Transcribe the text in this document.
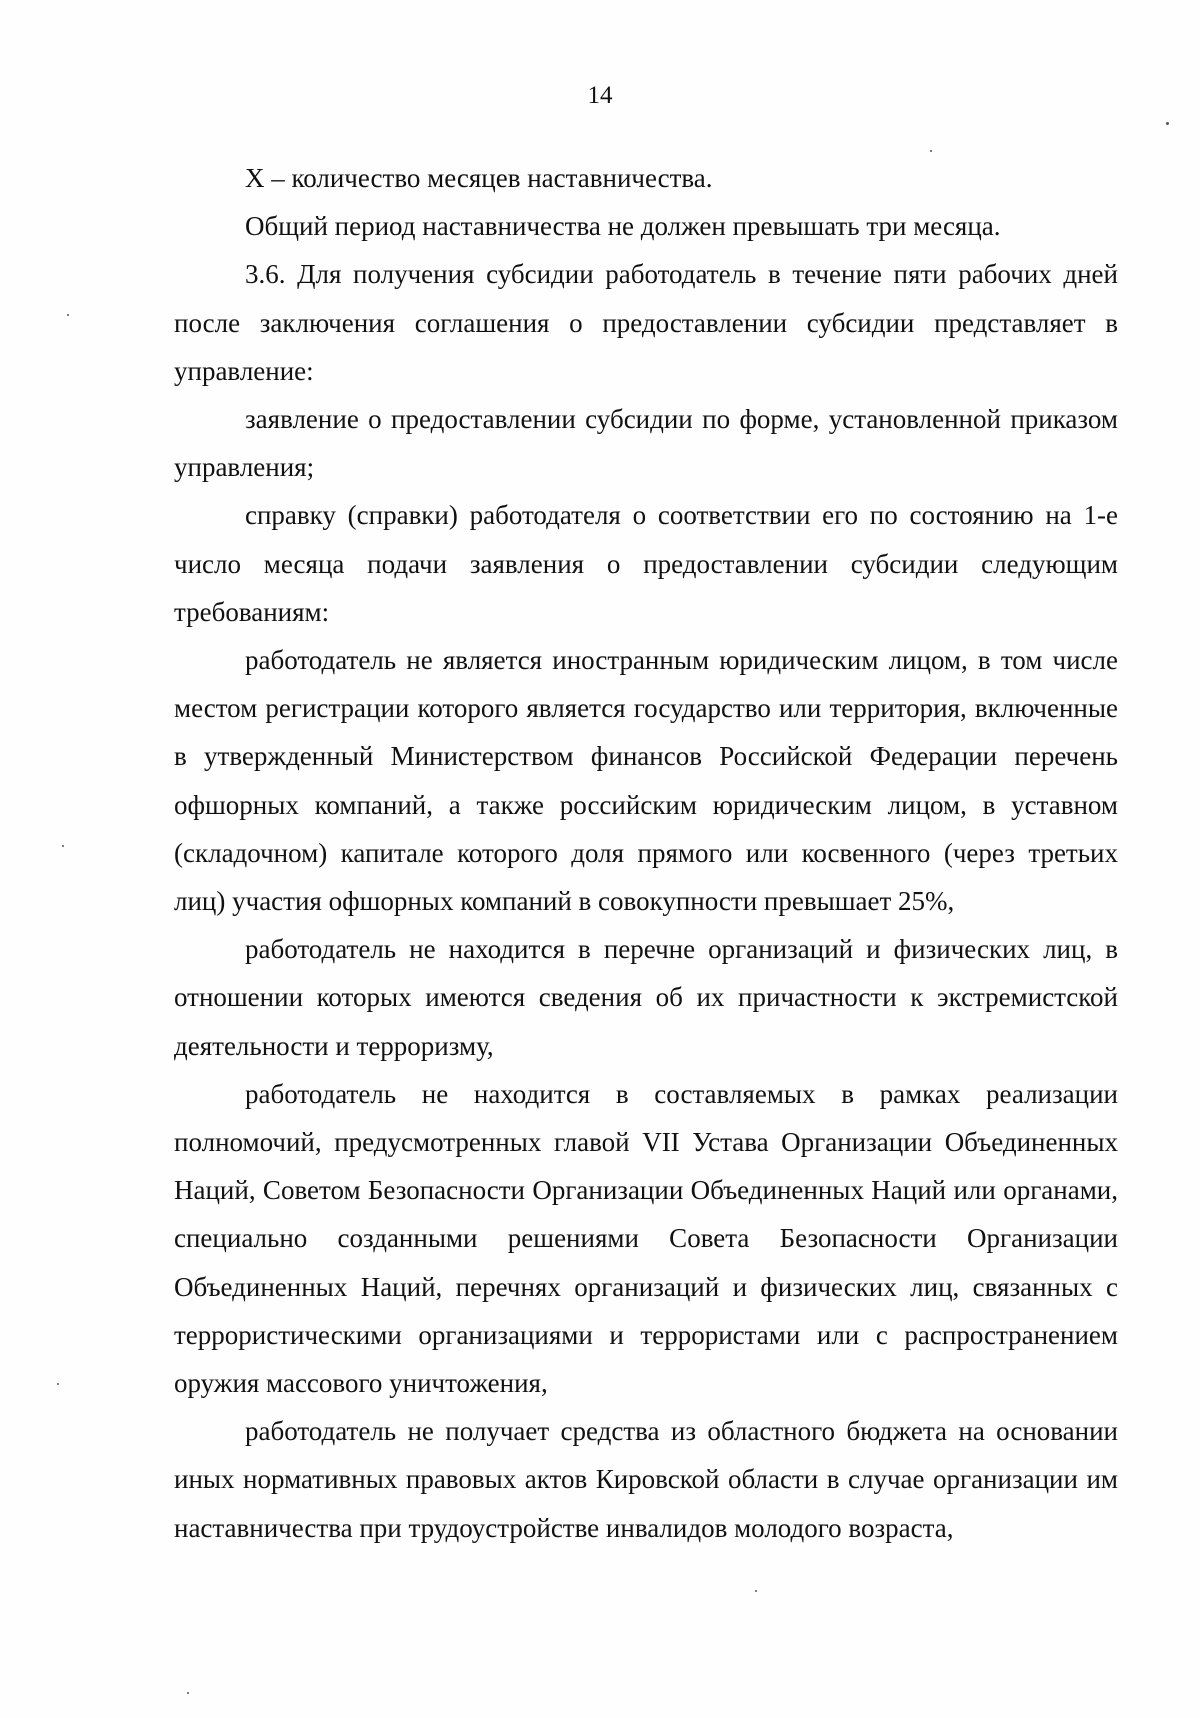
14

X – количество месяцев наставничества.

Общий период наставничества не должен превышать три месяца.

3.6. Для получения субсидии работодатель в течение пяти рабочих дней после заключения соглашения о предоставлении субсидии представляет в управление:

заявление о предоставлении субсидии по форме, установленной приказом управления;

справку (справки) работодателя о соответствии его по состоянию на 1-е число месяца подачи заявления о предоставлении субсидии следующим требованиям:

работодатель не является иностранным юридическим лицом, в том числе местом регистрации которого является государство или территория, включенные в утвержденный Министерством финансов Российской Федерации перечень офшорных компаний, а также российским юридическим лицом, в уставном (складочном) капитале которого доля прямого или косвенного (через третьих лиц) участия офшорных компаний в совокупности превышает 25%,

работодатель не находится в перечне организаций и физических лиц, в отношении которых имеются сведения об их причастности к экстремистской деятельности и терроризму,

работодатель не находится в составляемых в рамках реализации полномочий, предусмотренных главой VII Устава Организации Объединенных Наций, Советом Безопасности Организации Объединенных Наций или органами, специально созданными решениями Совета Безопасности Организации Объединенных Наций, перечнях организаций и физических лиц, связанных с террористическими организациями и террористами или с распространением оружия массового уничтожения,

работодатель не получает средства из областного бюджета на основании иных нормативных правовых актов Кировской области в случае организации им наставничества при трудоустройстве инвалидов молодого возраста,
